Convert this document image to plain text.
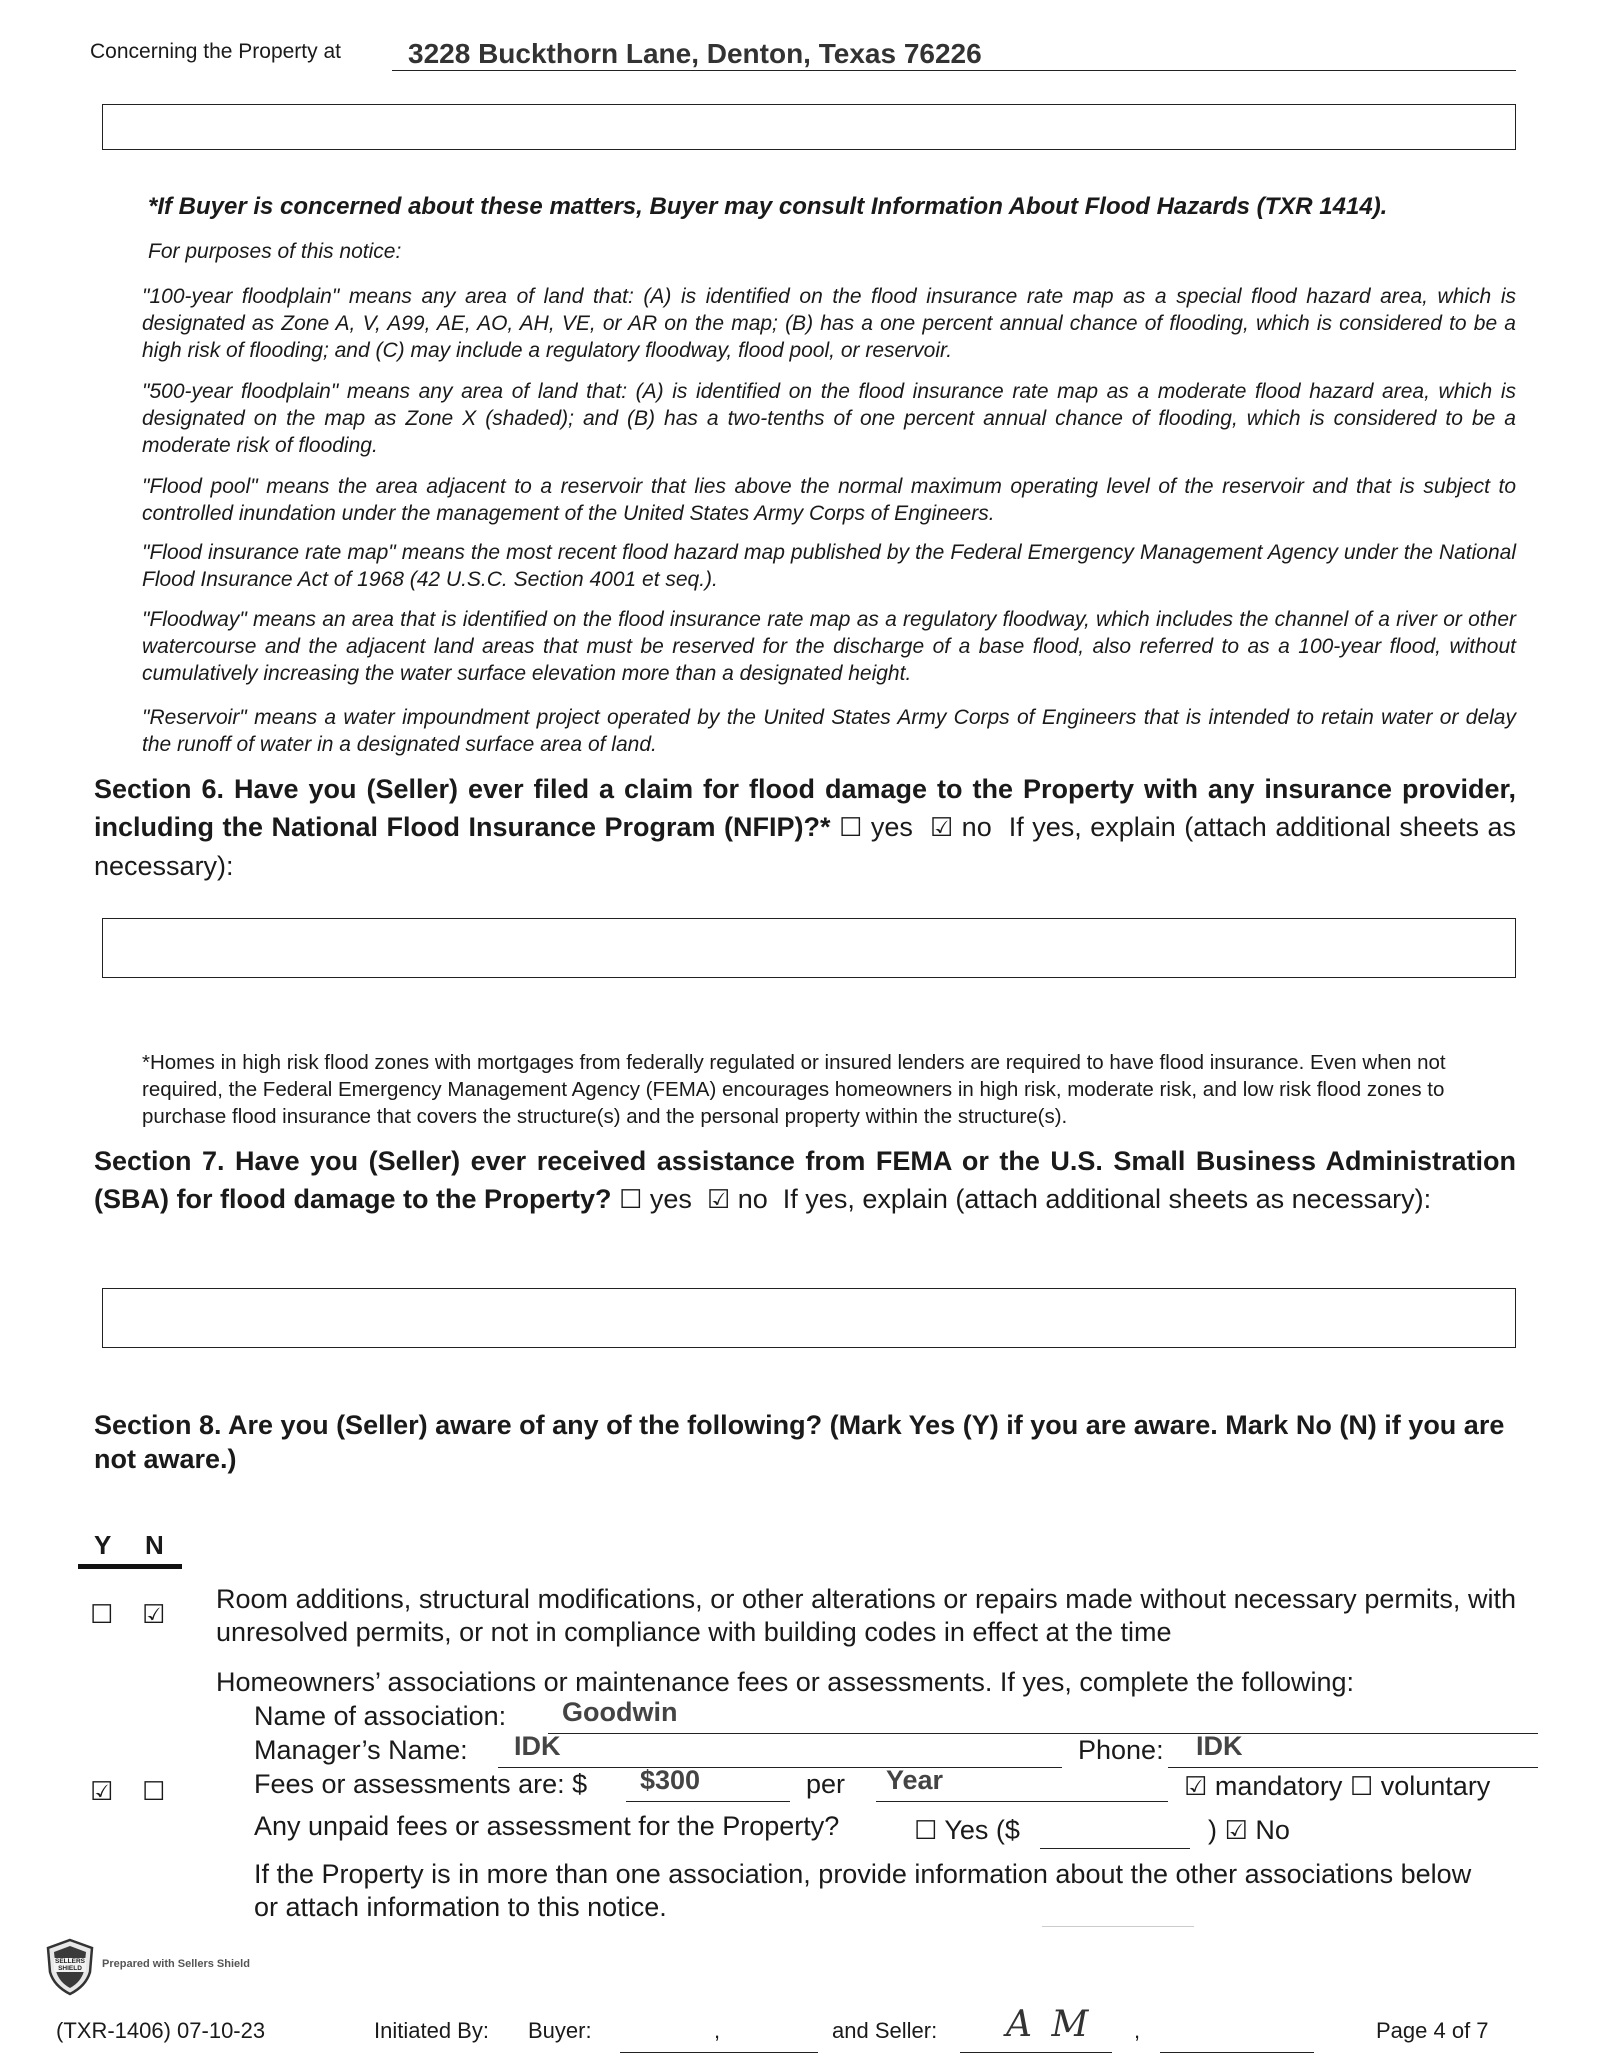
Concerning the Property at 3228 Buckthorn Lane, Denton, Texas 76226
*If Buyer is concerned about these matters, Buyer may consult Information About Flood Hazards (TXR 1414).
For purposes of this notice:

"100-year floodplain" means any area of land that: (A) is identified on the flood insurance rate map as a special flood hazard area, which is designated as Zone A, V, A99, AE, AO, AH, VE, or AR on the map; (B) has a one percent annual chance of flooding, which is considered to be a high risk of flooding; and (C) may include a regulatory floodway, flood pool, or reservoir.

"500-year floodplain" means any area of land that: (A) is identified on the flood insurance rate map as a moderate flood hazard area, which is designated on the map as Zone X (shaded); and (B) has a two-tenths of one percent annual chance of flooding, which is considered to be a moderate risk of flooding.

"Flood pool" means the area adjacent to a reservoir that lies above the normal maximum operating level of the reservoir and that is subject to controlled inundation under the management of the United States Army Corps of Engineers.

"Flood insurance rate map" means the most recent flood hazard map published by the Federal Emergency Management Agency under the National Flood Insurance Act of 1968 (42 U.S.C. Section 4001 et seq.).

"Floodway" means an area that is identified on the flood insurance rate map as a regulatory floodway, which includes the channel of a river or other watercourse and the adjacent land areas that must be reserved for the discharge of a base flood, also referred to as a 100-year flood, without cumulatively increasing the water surface elevation more than a designated height.

"Reservoir" means a water impoundment project operated by the United States Army Corps of Engineers that is intended to retain water or delay the runoff of water in a designated surface area of land.

Section 6. Have you (Seller) ever filed a claim for flood damage to the Property with any insurance provider, including the National Flood Insurance Program (NFIP)?* ☐ yes ☑ no If yes, explain (attach additional sheets as necessary):

*Homes in high risk flood zones with mortgages from federally regulated or insured lenders are required to have flood insurance. Even when not required, the Federal Emergency Management Agency (FEMA) encourages homeowners in high risk, moderate risk, and low risk flood zones to purchase flood insurance that covers the structure(s) and the personal property within the structure(s).

Section 7. Have you (Seller) ever received assistance from FEMA or the U.S. Small Business Administration (SBA) for flood damage to the Property? ☐ yes ☑ no If yes, explain (attach additional sheets as necessary):

Section 8. Are you (Seller) aware of any of the following? (Mark Yes (Y) if you are aware. Mark No (N) if you are not aware.)

Y N
☐ ☑

Room additions, structural modifications, or other alterations or repairs made without necessary permits, with unresolved permits, or not in compliance with building codes in effect at the time

Homeowners’ associations or maintenance fees or assessments. If yes, complete the following:
Name of association: Goodwin
Manager’s Name: IDK	Phone: IDK
☑ ☐	Fees or assessments are: $ $300	per Year	☑ mandatory ☐ voluntary
Any unpaid fees or assessment for the Property?	☐ Yes ($	) ☑ No

If the Property is in more than one association, provide information about the other associations below or attach information to this notice.

SELLERS SHIELD	Prepared with Sellers Shield
(TXR-1406) 07-10-23	Initiated By: Buyer:	,	and Seller: A M ,	Page 4 of 7
